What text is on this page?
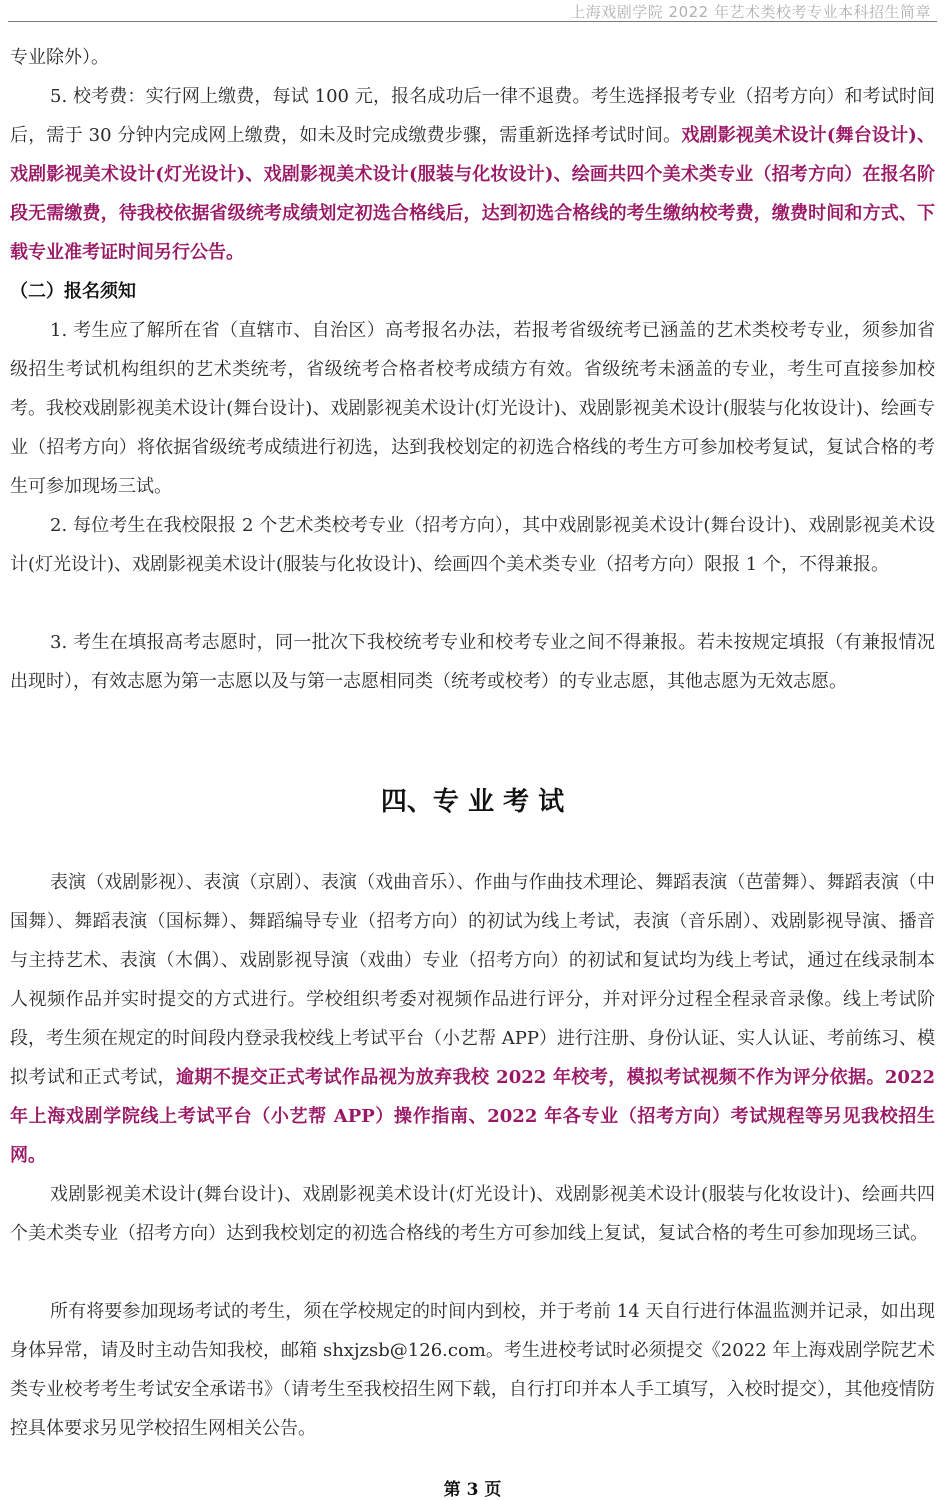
上海戏剧学院 2022 年艺术类校考专业本科招生简章

专业除外）。

5. 校考费：实行网上缴费，每试 100 元，报名成功后一律不退费。考生选择报考专业（招考方向）和考试时间后，需于 30 分钟内完成网上缴费，如未及时完成缴费步骤，需重新选择考试时间。戏剧影视美术设计(舞台设计)、戏剧影视美术设计(灯光设计)、戏剧影视美术设计(服装与化妆设计)、绘画共四个美术类专业（招考方向）在报名阶段无需缴费，待我校依据省级统考成绩划定初选合格线后，达到初选合格线的考生缴纳校考费，缴费时间和方式、下载专业准考证时间另行公告。

（二）报名须知

1. 考生应了解所在省（直辖市、自治区）高考报名办法，若报考省级统考已涵盖的艺术类校考专业，须参加省级招生考试机构组织的艺术类统考，省级统考合格者校考成绩方有效。省级统考未涵盖的专业，考生可直接参加校考。我校戏剧影视美术设计(舞台设计)、戏剧影视美术设计(灯光设计)、戏剧影视美术设计(服装与化妆设计)、绘画专业（招考方向）将依据省级统考成绩进行初选，达到我校划定的初选合格线的考生方可参加校考复试，复试合格的考生可参加现场三试。

2. 每位考生在我校限报 2 个艺术类校考专业（招考方向），其中戏剧影视美术设计(舞台设计)、戏剧影视美术设计(灯光设计)、戏剧影视美术设计(服装与化妆设计)、绘画四个美术类专业（招考方向）限报 1 个，不得兼报。

3. 考生在填报高考志愿时，同一批次下我校统考专业和校考专业之间不得兼报。若未按规定填报（有兼报情况出现时），有效志愿为第一志愿以及与第一志愿相同类（统考或校考）的专业志愿，其他志愿为无效志愿。

四、专 业 考 试

表演（戏剧影视）、表演（京剧）、表演（戏曲音乐）、作曲与作曲技术理论、舞蹈表演（芭蕾舞）、舞蹈表演（中国舞）、舞蹈表演（国标舞）、舞蹈编导专业（招考方向）的初试为线上考试，表演（音乐剧）、戏剧影视导演、播音与主持艺术、表演（木偶）、戏剧影视导演（戏曲）专业（招考方向）的初试和复试均为线上考试，通过在线录制本人视频作品并实时提交的方式进行。学校组织考委对视频作品进行评分，并对评分过程全程录音录像。线上考试阶段，考生须在规定的时间段内登录我校线上考试平台（小艺帮 APP）进行注册、身份认证、实人认证、考前练习、模拟考试和正式考试，逾期不提交正式考试作品视为放弃我校 2022 年校考，模拟考试视频不作为评分依据。2022 年上海戏剧学院线上考试平台（小艺帮 APP）操作指南、2022 年各专业（招考方向）考试规程等另见我校招生网。

戏剧影视美术设计(舞台设计)、戏剧影视美术设计(灯光设计)、戏剧影视美术设计(服装与化妆设计)、绘画共四个美术类专业（招考方向）达到我校划定的初选合格线的考生方可参加线上复试，复试合格的考生可参加现场三试。

所有将要参加现场考试的考生，须在学校规定的时间内到校，并于考前 14 天自行进行体温监测并记录，如出现身体异常，请及时主动告知我校，邮箱 shxjzsb@126.com。考生进校考试时必须提交《2022 年上海戏剧学院艺术类专业校考考生考试安全承诺书》（请考生至我校招生网下载，自行打印并本人手工填写，入校时提交），其他疫情防控具体要求另见学校招生网相关公告。

第 3 页
